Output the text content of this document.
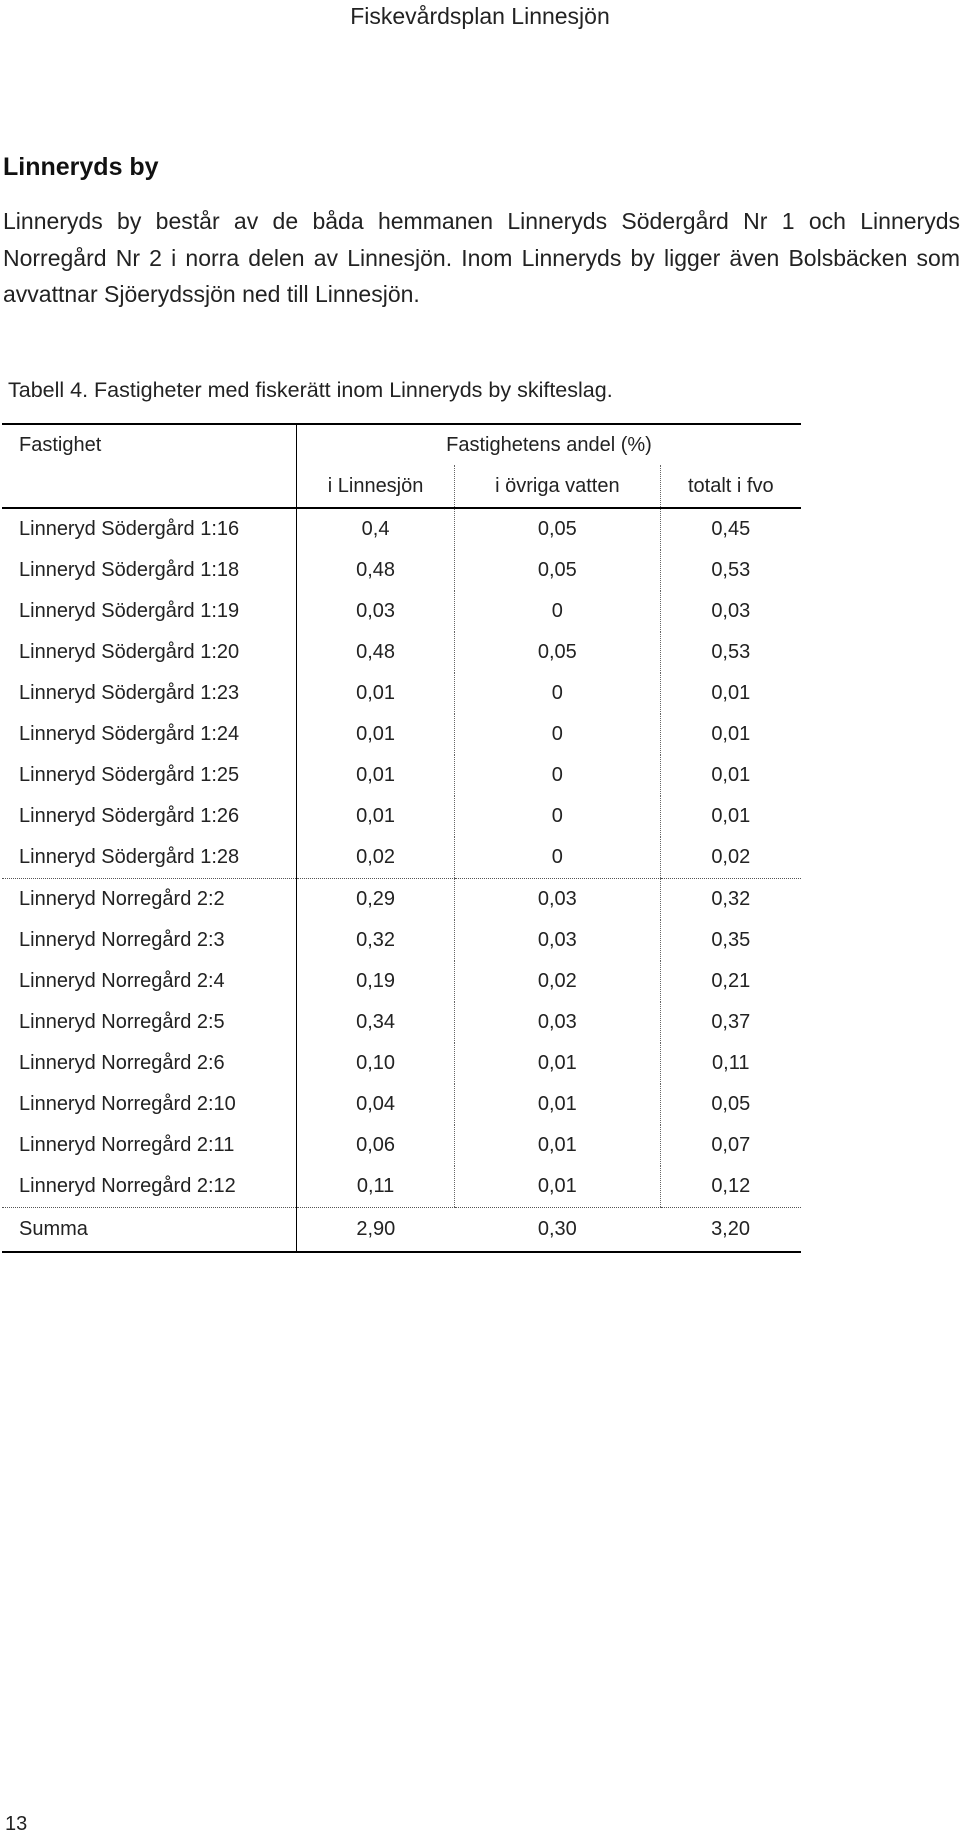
Fiskevårdsplan Linnesjön
Linneryds by

Linneryds by består av de båda hemmanen Linneryds Södergård Nr 1 och Linneryds Norregård Nr 2 i norra delen av Linnesjön. Inom Linneryds by ligger även Bolsbäcken som avvattnar Sjöerydssjön ned till Linnesjön.

Tabell 4. Fastigheter med fiskerätt inom Linneryds by skifteslag.
Fastighet	Fastighetens andel (%)		
	i Linnesjön	i övriga vatten	totalt i fvo
Linneryd Södergård 1:16	0,4	0,05	0,45
Linneryd Södergård 1:18	0,48	0,05	0,53
Linneryd Södergård 1:19	0,03	0	0,03
Linneryd Södergård 1:20	0,48	0,05	0,53
Linneryd Södergård 1:23	0,01	0	0,01
Linneryd Södergård 1:24	0,01	0	0,01
Linneryd Södergård 1:25	0,01	0	0,01
Linneryd Södergård 1:26	0,01	0	0,01
Linneryd Södergård 1:28	0,02	0	0,02
Linneryd Norregård 2:2	0,29	0,03	0,32
Linneryd Norregård 2:3	0,32	0,03	0,35
Linneryd Norregård 2:4	0,19	0,02	0,21
Linneryd Norregård 2:5	0,34	0,03	0,37
Linneryd Norregård 2:6	0,10	0,01	0,11
Linneryd Norregård 2:10	0,04	0,01	0,05
Linneryd Norregård 2:11	0,06	0,01	0,07
Linneryd Norregård 2:12	0,11	0,01	0,12
Summa	2,90	0,30	3,20
13
